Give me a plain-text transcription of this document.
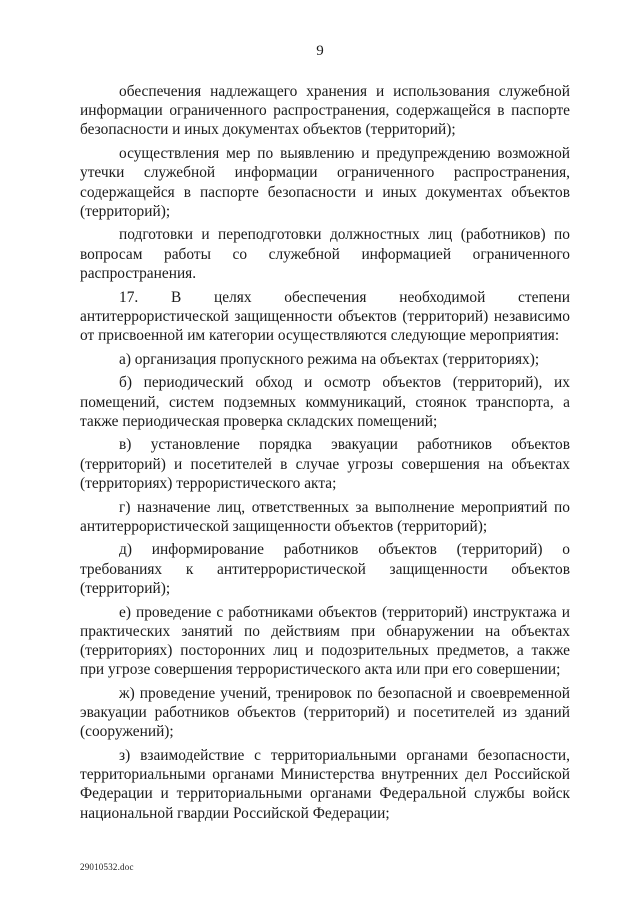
9

обеспечения надлежащего хранения и использования служебной информации ограниченного распространения, содержащейся в паспорте безопасности и иных документах объектов (территорий);

осуществления мер по выявлению и предупреждению возможной утечки служебной информации ограниченного распространения, содержащейся в паспорте безопасности и иных документах объектов (территорий);

подготовки и переподготовки должностных лиц (работников) по вопросам работы со служебной информацией ограниченного распространения.

17. В целях обеспечения необходимой степени антитеррористической защищенности объектов (территорий) независимо от присвоенной им категории осуществляются следующие мероприятия:

а) организация пропускного режима на объектах (территориях);

б) периодический обход и осмотр объектов (территорий), их помещений, систем подземных коммуникаций, стоянок транспорта, а также периодическая проверка складских помещений;

в) установление порядка эвакуации работников объектов (территорий) и посетителей в случае угрозы совершения на объектах (территориях) террористического акта;

г) назначение лиц, ответственных за выполнение мероприятий по антитеррористической защищенности объектов (территорий);

д) информирование работников объектов (территорий) о требованиях к антитеррористической защищенности объектов (территорий);

е) проведение с работниками объектов (территорий) инструктажа и практических занятий по действиям при обнаружении на объектах (территориях) посторонних лиц и подозрительных предметов, а также при угрозе совершения террористического акта или при его совершении;

ж) проведение учений, тренировок по безопасной и своевременной эвакуации работников объектов (территорий) и посетителей из зданий (сооружений);

з) взаимодействие с территориальными органами безопасности, территориальными органами Министерства внутренних дел Российской Федерации и территориальными органами Федеральной службы войск национальной гвардии Российской Федерации;

29010532.doc
